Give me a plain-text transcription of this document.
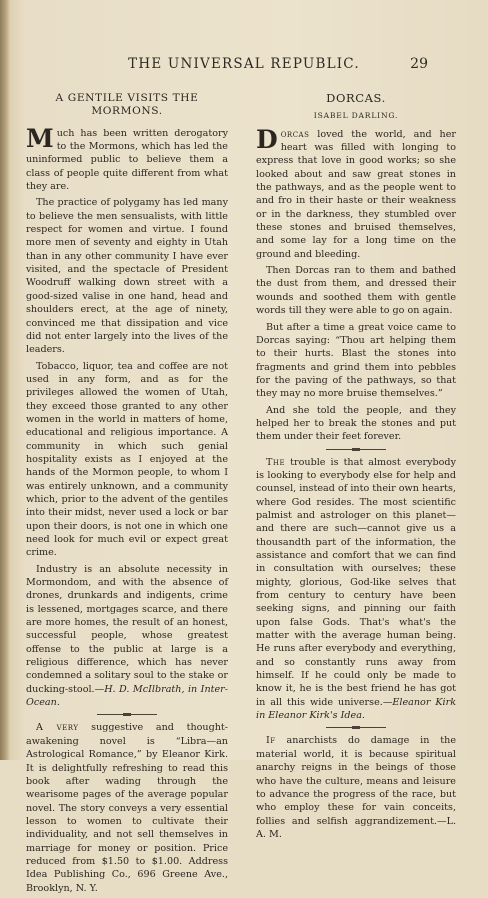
THE UNIVERSAL REPUBLIC.	29
A GENTILE VISITS THE MORMONS.

Much has been written derogatory to the Mormons, which has led the uninformed public to believe them a class of people quite different from what they are.

The practice of polygamy has led many to believe the men sensualists, with little respect for women and virtue. I found more men of seventy and eighty in Utah than in any other community I have ever visited, and the spectacle of President Woodruff walking down street with a good-sized valise in one hand, head and shoulders erect, at the age of ninety, convinced me that dissipation and vice did not enter largely into the lives of the leaders.

Tobacco, liquor, tea and coffee are not used in any form, and as for the privileges allowed the women of Utah, they exceed those granted to any other women in the world in matters of home, educational and religious importance. A community in which such genial hospitality exists as I enjoyed at the hands of the Mormon people, to whom I was entirely unknown, and a community which, prior to the advent of the gentiles into their midst, never used a lock or bar upon their doors, is not one in which one need look for much evil or expect great crime.

Industry is an absolute necessity in Mormondom, and with the absence of drones, drunkards and indigents, crime is lessened, mortgages scarce, and there are more homes, the result of an honest, successful people, whose greatest offense to the public at large is a religious difference, which has never condemned a solitary soul to the stake or ducking-stool.—H. D. McIlbrath, in Inter-Ocean.

A very suggestive and thought-awakening novel is “Libra—an Astrological Romance,” by Eleanor Kirk. It is delightfully refreshing to read this book after wading through the wearisome pages of the average popular novel. The story conveys a very essential lesson to women to cultivate their individuality, and not sell themselves in marriage for money or position. Price reduced from $1.50 to $1.00. Address Idea Publishing Co., 696 Greene Ave., Brooklyn, N. Y.

DORCAS.
ISABEL DARLING.

Dorcas loved the world, and her heart was filled with longing to express that love in good works; so she looked about and saw great stones in the pathways, and as the people went to and fro in their haste or their weakness or in the darkness, they stumbled over these stones and bruised themselves, and some lay for a long time on the ground and bleeding.

Then Dorcas ran to them and bathed the dust from them, and dressed their wounds and soothed them with gentle words till they were able to go on again.

But after a time a great voice came to Dorcas saying: “Thou art helping them to their hurts. Blast the stones into fragments and grind them into pebbles for the paving of the pathways, so that they may no more bruise themselves.”

And she told the people, and they helped her to break the stones and put them under their feet forever.

The trouble is that almost everybody is looking to everybody else for help and counsel, instead of into their own hearts, where God resides. The most scientific palmist and astrologer on this planet—and there are such—cannot give us a thousandth part of the information, the assistance and comfort that we can find in consultation with ourselves; these mighty, glorious, God-like selves that from century to century have been seeking signs, and pinning our faith upon false Gods. That's what's the matter with the average human being. He runs after everybody and everything, and so constantly runs away from himself. If he could only be made to know it, he is the best friend he has got in all this wide universe.—Eleanor Kirk in Eleanor Kirk's Idea.

If anarchists do damage in the material world, it is because spiritual anarchy reigns in the beings of those who have the culture, means and leisure to advance the progress of the race, but who employ these for vain conceits, follies and selfish aggrandizement.—L. A. M.
